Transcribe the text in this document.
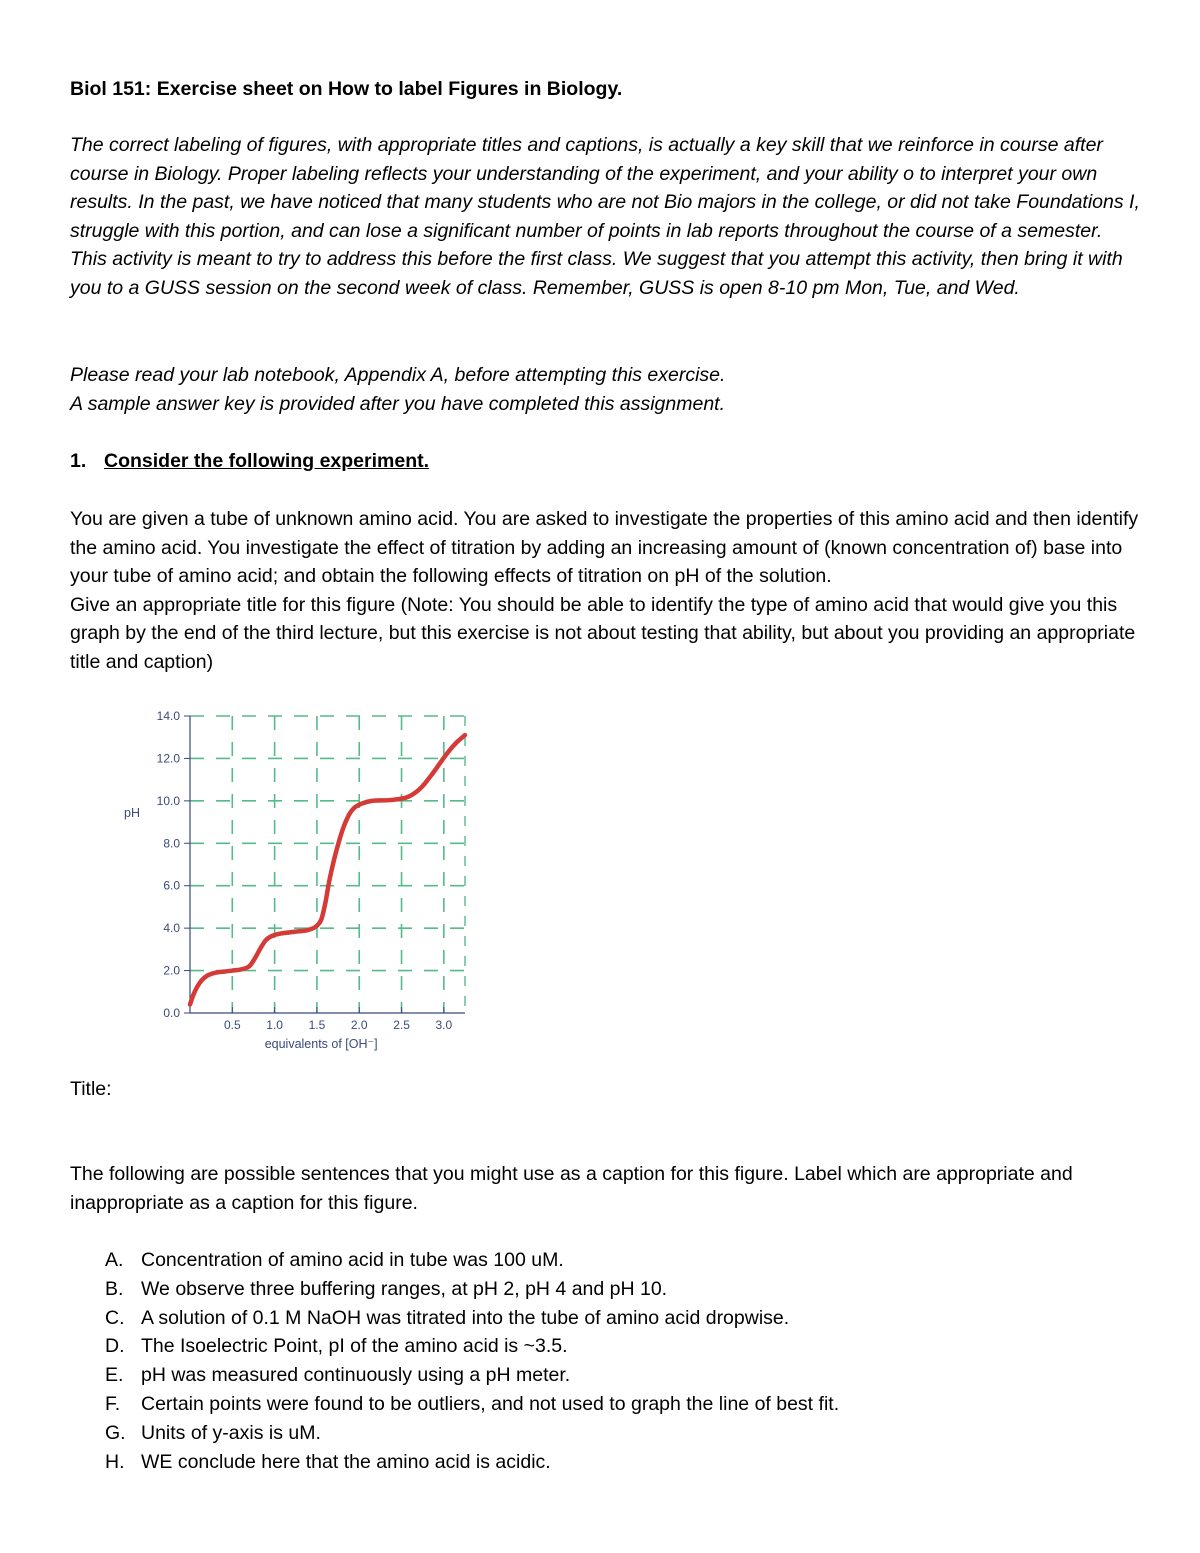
Biol 151: Exercise sheet on How to label Figures in Biology.

The correct labeling of figures, with appropriate titles and captions, is actually a key skill that we reinforce in course after course in Biology. Proper labeling reflects your understanding of the experiment, and your ability o to interpret your own results. In the past, we have noticed that many students who are not Bio majors in the college, or did not take Foundations I, struggle with this portion, and can lose a significant number of points in lab reports throughout the course of a semester. This activity is meant to try to address this before the first class. We suggest that you attempt this activity, then bring it with you to a GUSS session on the second week of class. Remember, GUSS is open 8-10 pm Mon, Tue, and Wed.

Please read your lab notebook, Appendix A, before attempting this exercise.
A sample answer key is provided after you have completed this assignment.

1. Consider the following experiment.

You are given a tube of unknown amino acid. You are asked to investigate the properties of this amino acid and then identify the amino acid. You investigate the effect of titration by adding an increasing amount of (known concentration of) base into your tube of amino acid; and obtain the following effects of titration on pH of the solution.
Give an appropriate title for this figure (Note: You should be able to identify the type of amino acid that would give you this graph by the end of the third lecture, but this exercise is not about testing that ability, but about you providing an appropriate title and caption)
0.0
2.0
4.0
6.0
8.0
10.0
12.0
14.0
0.5 1.0 1.5 2.0 2.5 3.0
pH
equivalents of [OH⁻]

Title:

The following are possible sentences that you might use as a caption for this figure. Label which are appropriate and inappropriate as a caption for this figure.

A. Concentration of amino acid in tube was 100 uM.
B. We observe three buffering ranges, at pH 2, pH 4 and pH 10.
C. A solution of 0.1 M NaOH was titrated into the tube of amino acid dropwise.
D. The Isoelectric Point, pI of the amino acid is ~3.5.
E. pH was measured continuously using a pH meter.
F.	Certain points were found to be outliers, and not used to graph the line of best fit.
G. Units of y-axis is uM.
H. WE conclude here that the amino acid is acidic.
